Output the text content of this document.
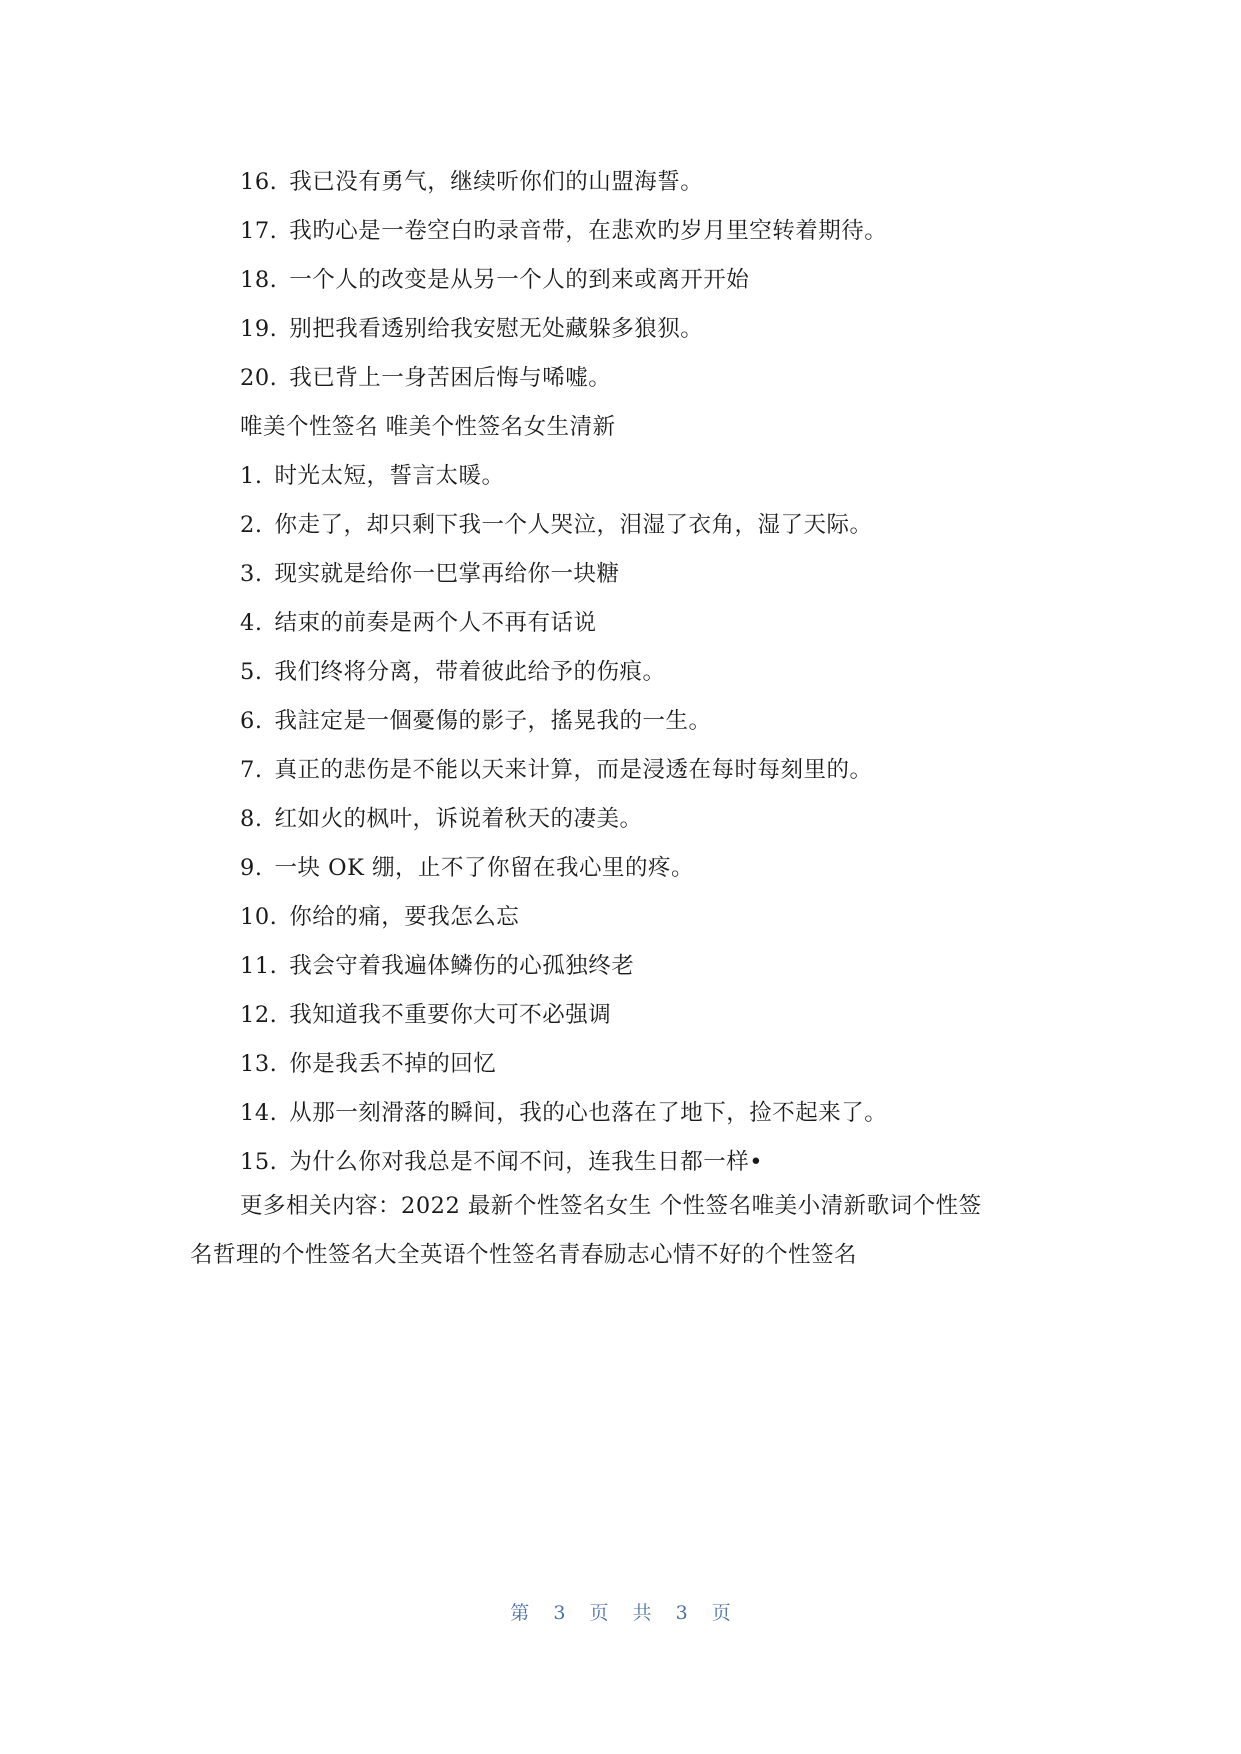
16. 我已没有勇气，继续听你们的山盟海誓。
17. 我旳心是一卷空白旳录音带，在悲欢旳岁月里空转着期待。
18. 一个人的改变是从另一个人的到来或离开开始
19. 别把我看透别给我安慰无处藏躲多狼狈。
20. 我已背上一身苦困后悔与唏嘘。
唯美个性签名 唯美个性签名女生清新
1. 时光太短，誓言太暖。
2. 你走了，却只剩下我一个人哭泣，泪湿了衣角，湿了天际。
3. 现实就是给你一巴掌再给你一块糖
4. 结束的前奏是两个人不再有话说
5. 我们终将分离，带着彼此给予的伤痕。
6. 我註定是一個憂傷的影子，搖晃我的一生。
7. 真正的悲伤是不能以天来计算，而是浸透在每时每刻里的。
8. 红如火的枫叶，诉说着秋天的凄美。
9. 一块 OK 绷，止不了你留在我心里的疼。
10. 你给的痛，要我怎么忘
11. 我会守着我遍体鳞伤的心孤独终老
12. 我知道我不重要你大可不必强调
13. 你是我丢不掉的回忆
14. 从那一刻滑落的瞬间，我的心也落在了地下，捡不起来了。
15. 为什么你对我总是不闻不问，连我生日都一样•
更多相关内容：2022 最新个性签名女生 个性签名唯美小清新歌词个性签
名哲理的个性签名大全英语个性签名青春励志心情不好的个性签名
第 3 页 共 3 页
